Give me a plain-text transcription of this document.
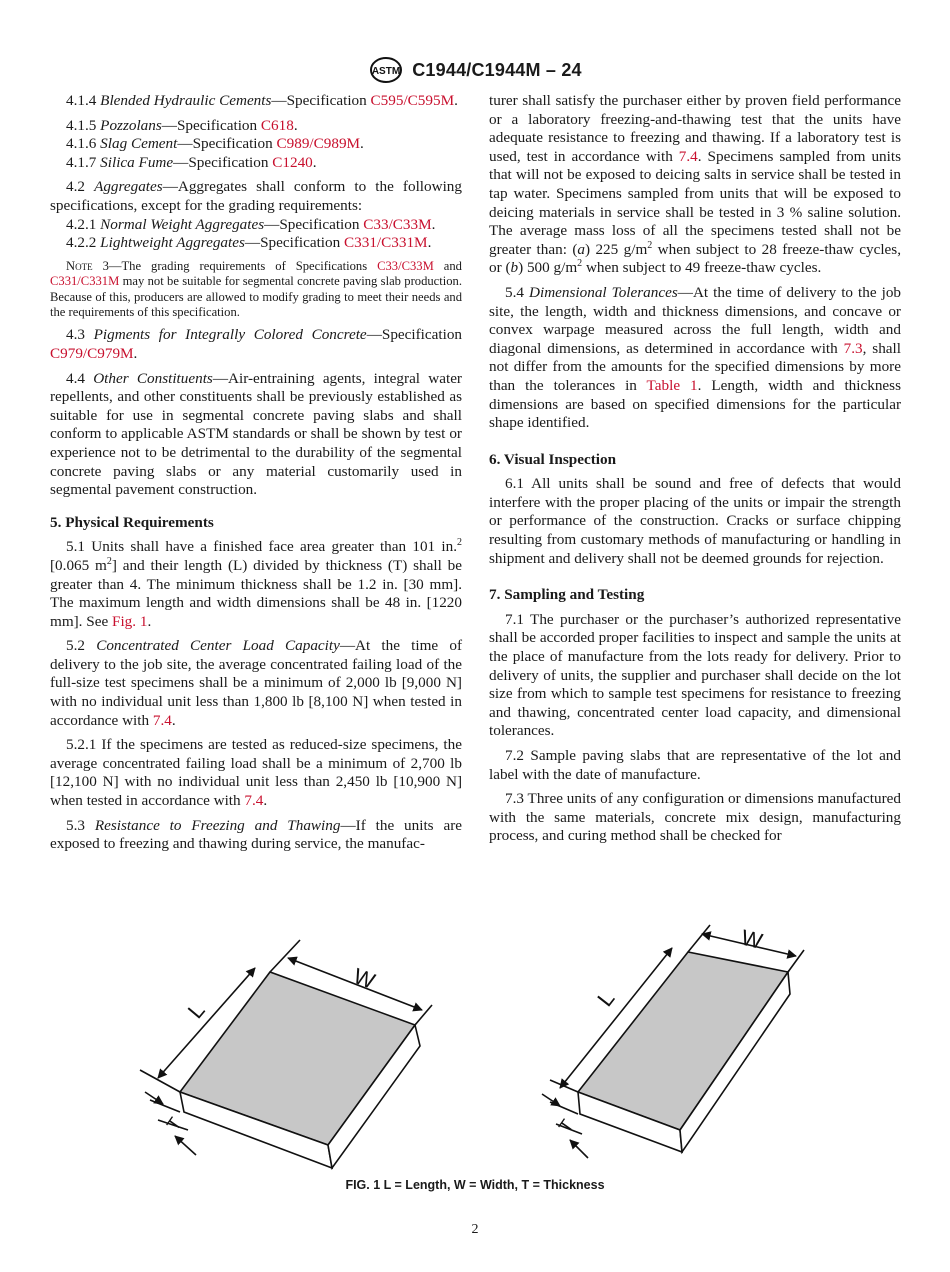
ASTM C1944/C1944M – 24

4.1.4 Blended Hydraulic Cements—Specification C595/C595M.

4.1.5 Pozzolans—Specification C618.

4.1.6 Slag Cement—Specification C989/C989M.

4.1.7 Silica Fume—Specification C1240.

4.2 Aggregates—Aggregates shall conform to the following specifications, except for the grading requirements:

4.2.1 Normal Weight Aggregates—Specification C33/C33M.

4.2.2 Lightweight Aggregates—Specification C331/C331M.

Note 3—The grading requirements of Specifications C33/C33M and C331/C331M may not be suitable for segmental concrete paving slab production. Because of this, producers are allowed to modify grading to meet their needs and the requirements of this specification.

4.3 Pigments for Integrally Colored Concrete—Specification C979/C979M.

4.4 Other Constituents—Air-entraining agents, integral water repellents, and other constituents shall be previously established as suitable for use in segmental concrete paving slabs and shall conform to applicable ASTM standards or shall be shown by test or experience not to be detrimental to the durability of the segmental concrete paving slabs or any material customarily used in segmental pavement construction.

5. Physical Requirements

5.1 Units shall have a finished face area greater than 101 in.$^2$ [0.065 $m^2$] and their length (L) divided by thickness (T) shall be greater than 4. The minimum thickness shall be 1.2 in. [30 mm]. The maximum length and width dimensions shall be 48 in. [1220 mm]. See Fig. 1.

5.2 Concentrated Center Load Capacity—At the time of delivery to the job site, the average concentrated failing load of the full-size test specimens shall be a minimum of 2,000 lb [9,000 N] with no individual unit less than 1,800 lb [8,100 N] when tested in accordance with 7.4.

5.2.1 If the specimens are tested as reduced-size specimens, the average concentrated failing load shall be a minimum of 2,700 lb [12,100 N] with no individual unit less than 2,450 lb [10,900 N] when tested in accordance with 7.4.

5.3 Resistance to Freezing and Thawing—If the units are exposed to freezing and thawing during service, the manufac-

turer shall satisfy the purchaser either by proven field performance or a laboratory freezing-and-thawing test that the units have adequate resistance to freezing and thawing. If a laboratory test is used, test in accordance with 7.4. Specimens sampled from units that will not be exposed to deicing salts in service shall be tested in tap water. Specimens sampled from units that will be exposed to deicing materials in service shall be tested in 3 % saline solution. The average mass loss of all the specimens tested shall not be greater than: (a) 225 $g/m^2$ when subject to 28 freeze-thaw cycles, or (b) 500 $g/m^2$ when subject to 49 freeze-thaw cycles.

5.4 Dimensional Tolerances—At the time of delivery to the job site, the length, width and thickness dimensions, and concave or convex warpage measured across the full length, width and diagonal dimensions, as determined in accordance with 7.3, shall not differ from the amounts for the specified dimensions by more than the tolerances in Table 1. Length, width and thickness dimensions are based on specified dimensions for the particular shape identified.

6. Visual Inspection

6.1 All units shall be sound and free of defects that would interfere with the proper placing of the units or impair the strength or performance of the construction. Cracks or surface chipping resulting from customary methods of manufacturing or handling in shipment and delivery shall not be deemed grounds for rejection.

7. Sampling and Testing

7.1 The purchaser or the purchaser’s authorized representative shall be accorded proper facilities to inspect and sample the units at the place of manufacture from the lots ready for delivery. Prior to delivery of units, the supplier and purchaser shall decide on the lot size from which to sample test specimens for resistance to freezing and thawing, concentrated center load capacity, and dimensional tolerances.

7.2 Sample paving slabs that are representative of the lot and label with the date of manufacture.

7.3 Three units of any configuration or dimensions manufactured with the same materials, concrete mix design, manufacturing process, and curing method shall be checked for

W
L
T
W
L
T
FIG. 1 L = Length, W = Width, T = Thickness
2
